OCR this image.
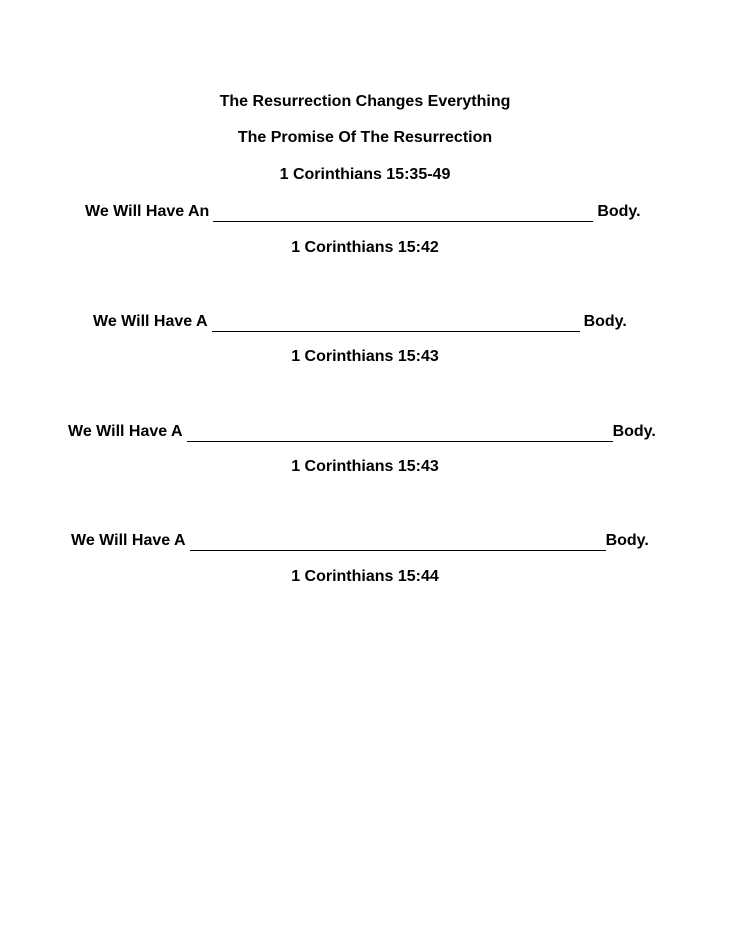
The Resurrection Changes Everything
The Promise Of The Resurrection
1 Corinthians 15:35-49
We Will Have An	Body.
1 Corinthians 15:42
We Will Have A	Body.
1 Corinthians 15:43
We Will Have A	Body.
1 Corinthians 15:43
We Will Have A	Body.
1 Corinthians 15:44
